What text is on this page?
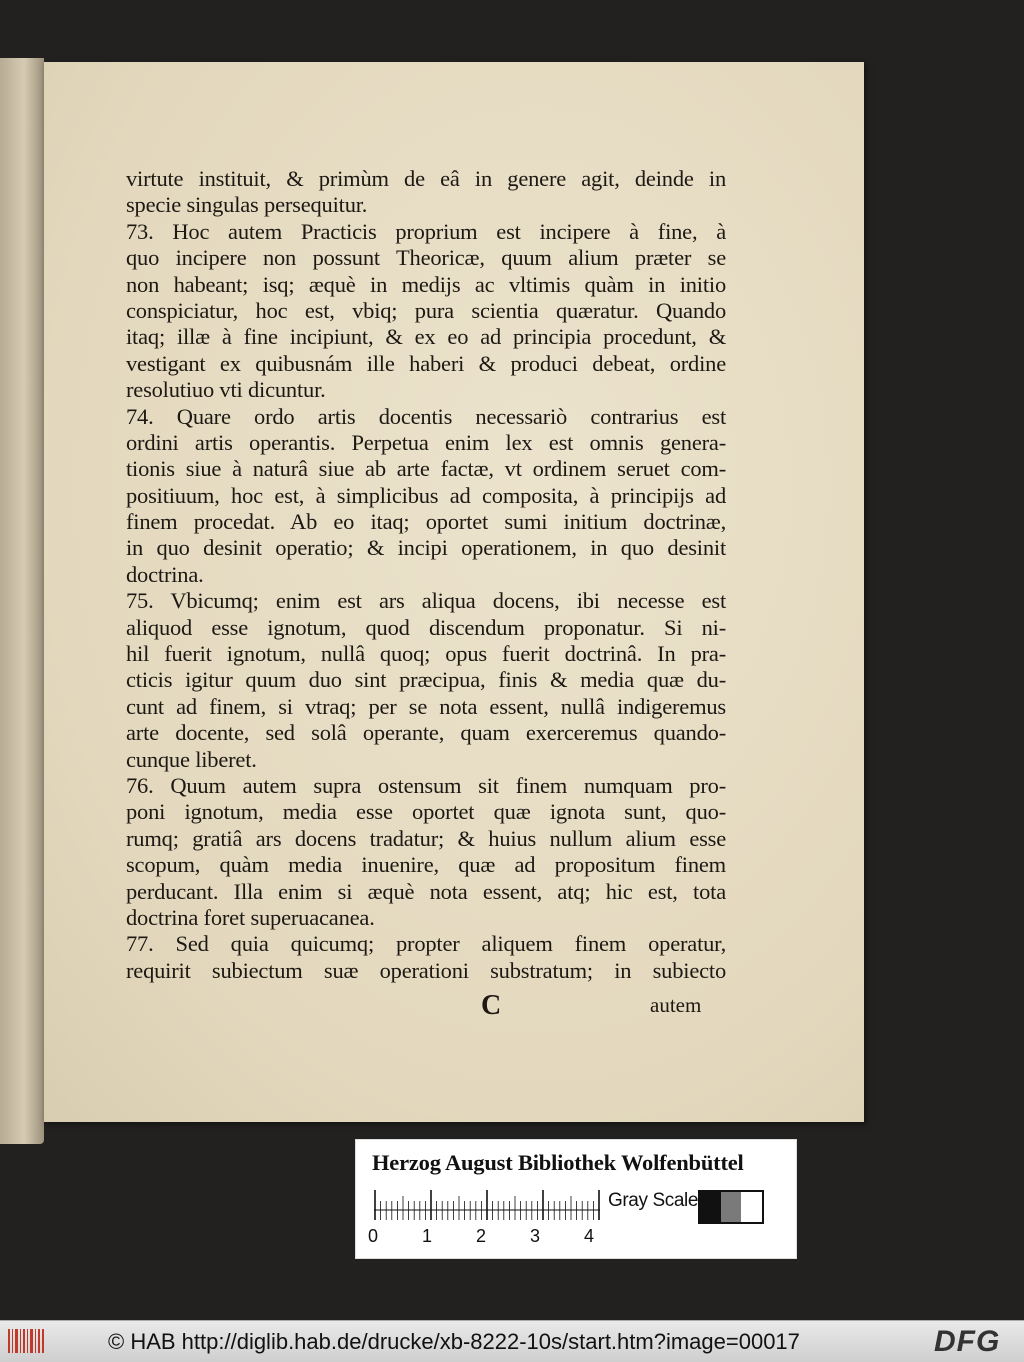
virtute instituit, & primùm de eâ in genere agit, deinde in
specie singulas persequitur.
73. Hoc autem Practicis proprium est incipere à fine, à
quo incipere non possunt Theoricæ, quum alium præter se
non habeant; isq; æquè in medijs ac vltimis quàm in initio
conspiciatur, hoc est, vbiq; pura scientia quæratur. Quando
itaq; illæ à fine incipiunt, & ex eo ad principia procedunt, &
vestigant ex quibusnám ille haberi & produci debeat, ordine
resolutiuo vti dicuntur.
74. Quare ordo artis docentis necessariò contrarius est
ordini artis operantis. Perpetua enim lex est omnis genera-
tionis siue à naturâ siue ab arte factæ, vt ordinem seruet com-
positiuum, hoc est, à simplicibus ad composita, à principijs ad
finem procedat. Ab eo itaq; oportet sumi initium doctrinæ,
in quo desinit operatio; & incipi operationem, in quo desinit
doctrina.
75. Vbicumq; enim est ars aliqua docens, ibi necesse est
aliquod esse ignotum, quod discendum proponatur. Si ni-
hil fuerit ignotum, nullâ quoq; opus fuerit doctrinâ. In pra-
cticis igitur quum duo sint præcipua, finis & media quæ du-
cunt ad finem, si vtraq; per se nota essent, nullâ indigeremus
arte docente, sed solâ operante, quam exerceremus quando-
cunque liberet.
76. Quum autem supra ostensum sit finem numquam pro-
poni ignotum, media esse oportet quæ ignota sunt, quo-
rumq; gratiâ ars docens tradatur; & huius nullum alium esse
scopum, quàm media inuenire, quæ ad propositum finem
perducant. Illa enim si æquè nota essent, atq; hic est, tota
doctrina foret superuacanea.
77. Sed quia quicumq; propter aliquem finem operatur,
requirit subiectum suæ operationi substratum; in subiecto
C	autem
Herzog August Bibliothek Wolfenbüttel
0 1 2 3 4
Gray Scale
© HAB http://diglib.hab.de/drucke/xb-8222-10s/start.htm?image=00017	DFG
